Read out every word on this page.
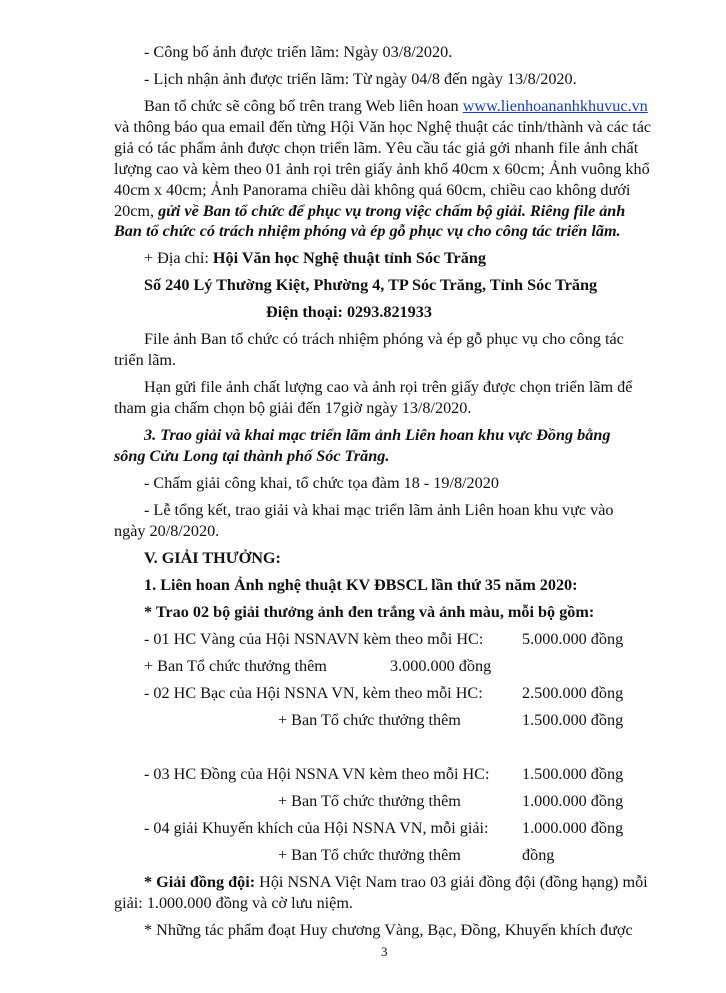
- Công bố ảnh được triển lãm: Ngày 03/8/2020.
- Lịch nhận ảnh được triển lãm: Từ ngày 04/8 đến ngày 13/8/2020.
Ban tổ chức sẽ công bố trên trang Web liên hoan www.lienhoananhkhuvuc.vn
và thông báo qua email đến từng Hội Văn học Nghệ thuật các tỉnh/thành và các tác
giả có tác phẩm ảnh được chọn triển lãm. Yêu cầu tác giả gởi nhanh file ảnh chất
lượng cao và kèm theo 01 ảnh rọi trên giấy ảnh khổ 40cm x 60cm; Ảnh vuông khổ
40cm x 40cm; Ảnh Panorama chiều dài không quá 60cm, chiều cao không dưới
20cm, gửi về Ban tổ chức để phục vụ trong việc chấm bộ giải. Riêng file ảnh
Ban tổ chức có trách nhiệm phóng và ép gỗ phục vụ cho công tác triển lãm.
+ Địa chỉ: Hội Văn học Nghệ thuật tỉnh Sóc Trăng
Số 240 Lý Thường Kiệt, Phường 4, TP Sóc Trăng, Tỉnh Sóc Trăng
Điện thoại: 0293.821933
File ảnh Ban tổ chức có trách nhiệm phóng và ép gỗ phục vụ cho công tác
triển lãm.
Hạn gửi file ảnh chất lượng cao và ảnh rọi trên giấy được chọn triển lãm để
tham gia chấm chọn bộ giải đến 17giờ ngày 13/8/2020.
3. Trao giải và khai mạc triển lãm ảnh Liên hoan khu vực Đồng bằng
sông Cửu Long tại thành phố Sóc Trăng.
- Chấm giải công khai, tổ chức tọa đàm 18 - 19/8/2020
- Lễ tổng kết, trao giải và khai mạc triển lãm ảnh Liên hoan khu vực vào
ngày 20/8/2020.
V. GIẢI THƯỞNG:
1. Liên hoan Ảnh nghệ thuật KV ĐBSCL lần thứ 35 năm 2020:
* Trao 02 bộ giải thưởng ảnh đen trắng và ảnh màu, mỗi bộ gồm:
- 01 HC Vàng của Hội NSNAVN kèm theo mỗi HC: 5.000.000 đồng
+ Ban Tổ chức thưởng thêm	3.000.000 đồng
- 02 HC Bạc của Hội NSNA VN, kèm theo mỗi HC: 2.500.000 đồng
+ Ban Tổ chức thưởng thêm	1.500.000 đồng
- 03 HC Đồng của Hội NSNA VN kèm theo mỗi HC: 1.500.000 đồng
+ Ban Tổ chức thưởng thêm	1.000.000 đồng
- 04 giải Khuyến khích của Hội NSNA VN, mỗi giải: 1.000.000 đồng
+ Ban Tổ chức thưởng thêm	đồng
* Giải đồng đội: Hội NSNA Việt Nam trao 03 giải đồng đội (đồng hạng) mỗi
giải: 1.000.000 đồng và cờ lưu niệm.
* Những tác phẩm đoạt Huy chương Vàng, Bạc, Đồng, Khuyến khích được
3
